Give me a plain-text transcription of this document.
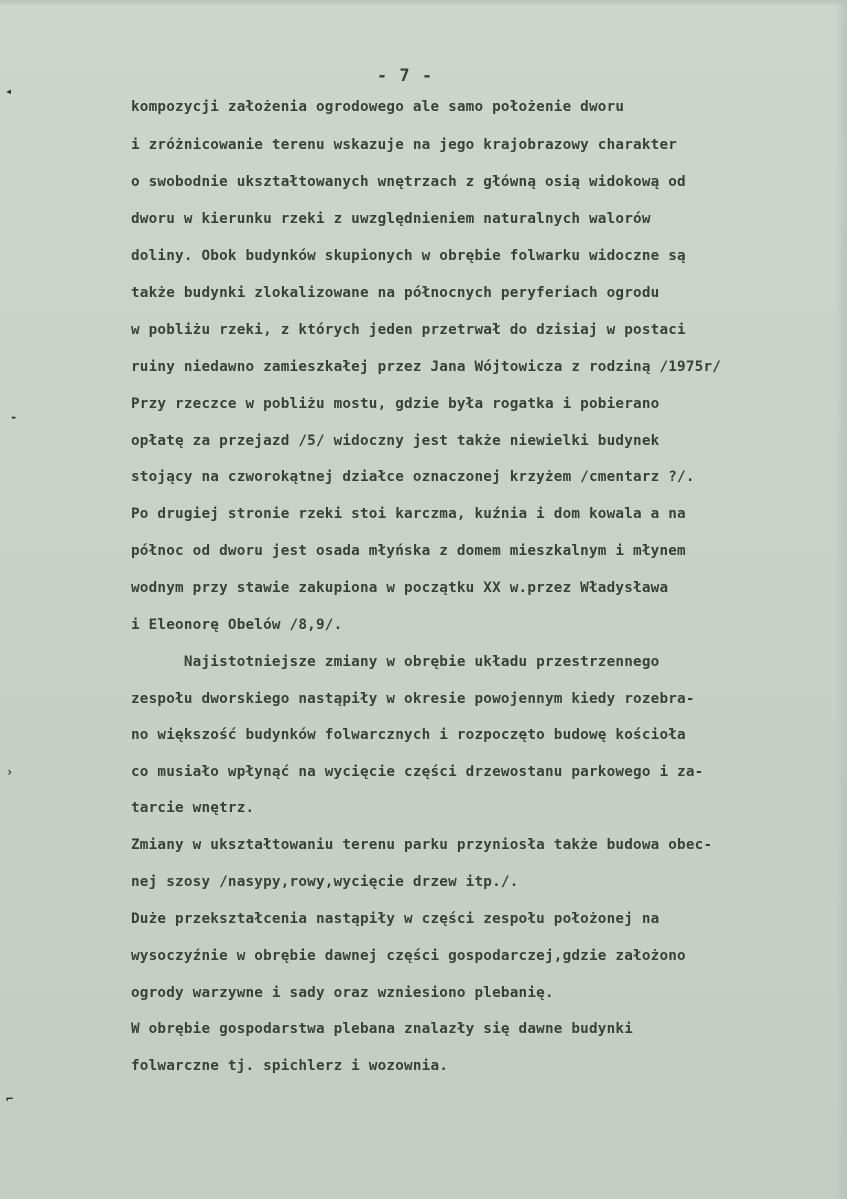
◂
-
›
⌐
- 7 -
kompozycji założenia ogrodowego ale samo położenie dworu
i zróżnicowanie terenu wskazuje na jego krajobrazowy charakter
o swobodnie ukształtowanych wnętrzach z główną osią widokową od
dworu w kierunku rzeki z uwzględnieniem naturalnych walorów
doliny. Obok budynków skupionych w obrębie folwarku widoczne są
także budynki zlokalizowane na północnych peryferiach ogrodu
w pobliżu rzeki, z których jeden przetrwał do dzisiaj w postaci
ruiny niedawno zamieszkałej przez Jana Wójtowicza z rodziną /1975r/
Przy rzeczce w pobliżu mostu, gdzie była rogatka i pobierano
opłatę za przejazd /5/ widoczny jest także niewielki budynek
stojący na czworokątnej działce oznaczonej krzyżem /cmentarz ?/.
Po drugiej stronie rzeki stoi karczma, kuźnia i dom kowala a na
północ od dworu jest osada młyńska z domem mieszkalnym i młynem
wodnym przy stawie zakupiona w początku XX w.przez Władysława
i Eleonorę Obelów /8,9/.
Najistotniejsze zmiany w obrębie układu przestrzennego
zespołu dworskiego nastąpiły w okresie powojennym kiedy rozebra-
no większość budynków folwarcznych i rozpoczęto budowę kościoła
co musiało wpłynąć na wycięcie części drzewostanu parkowego i za-
tarcie wnętrz.
Zmiany w ukształtowaniu terenu parku przyniosła także budowa obec-
nej szosy /nasypy,rowy,wycięcie drzew itp./.
Duże przekształcenia nastąpiły w części zespołu położonej na
wysoczyźnie w obrębie dawnej części gospodarczej,gdzie założono
ogrody warzywne i sady oraz wzniesiono plebanię.
W obrębie gospodarstwa plebana znalazły się dawne budynki
folwarczne tj. spichlerz i wozownia.
